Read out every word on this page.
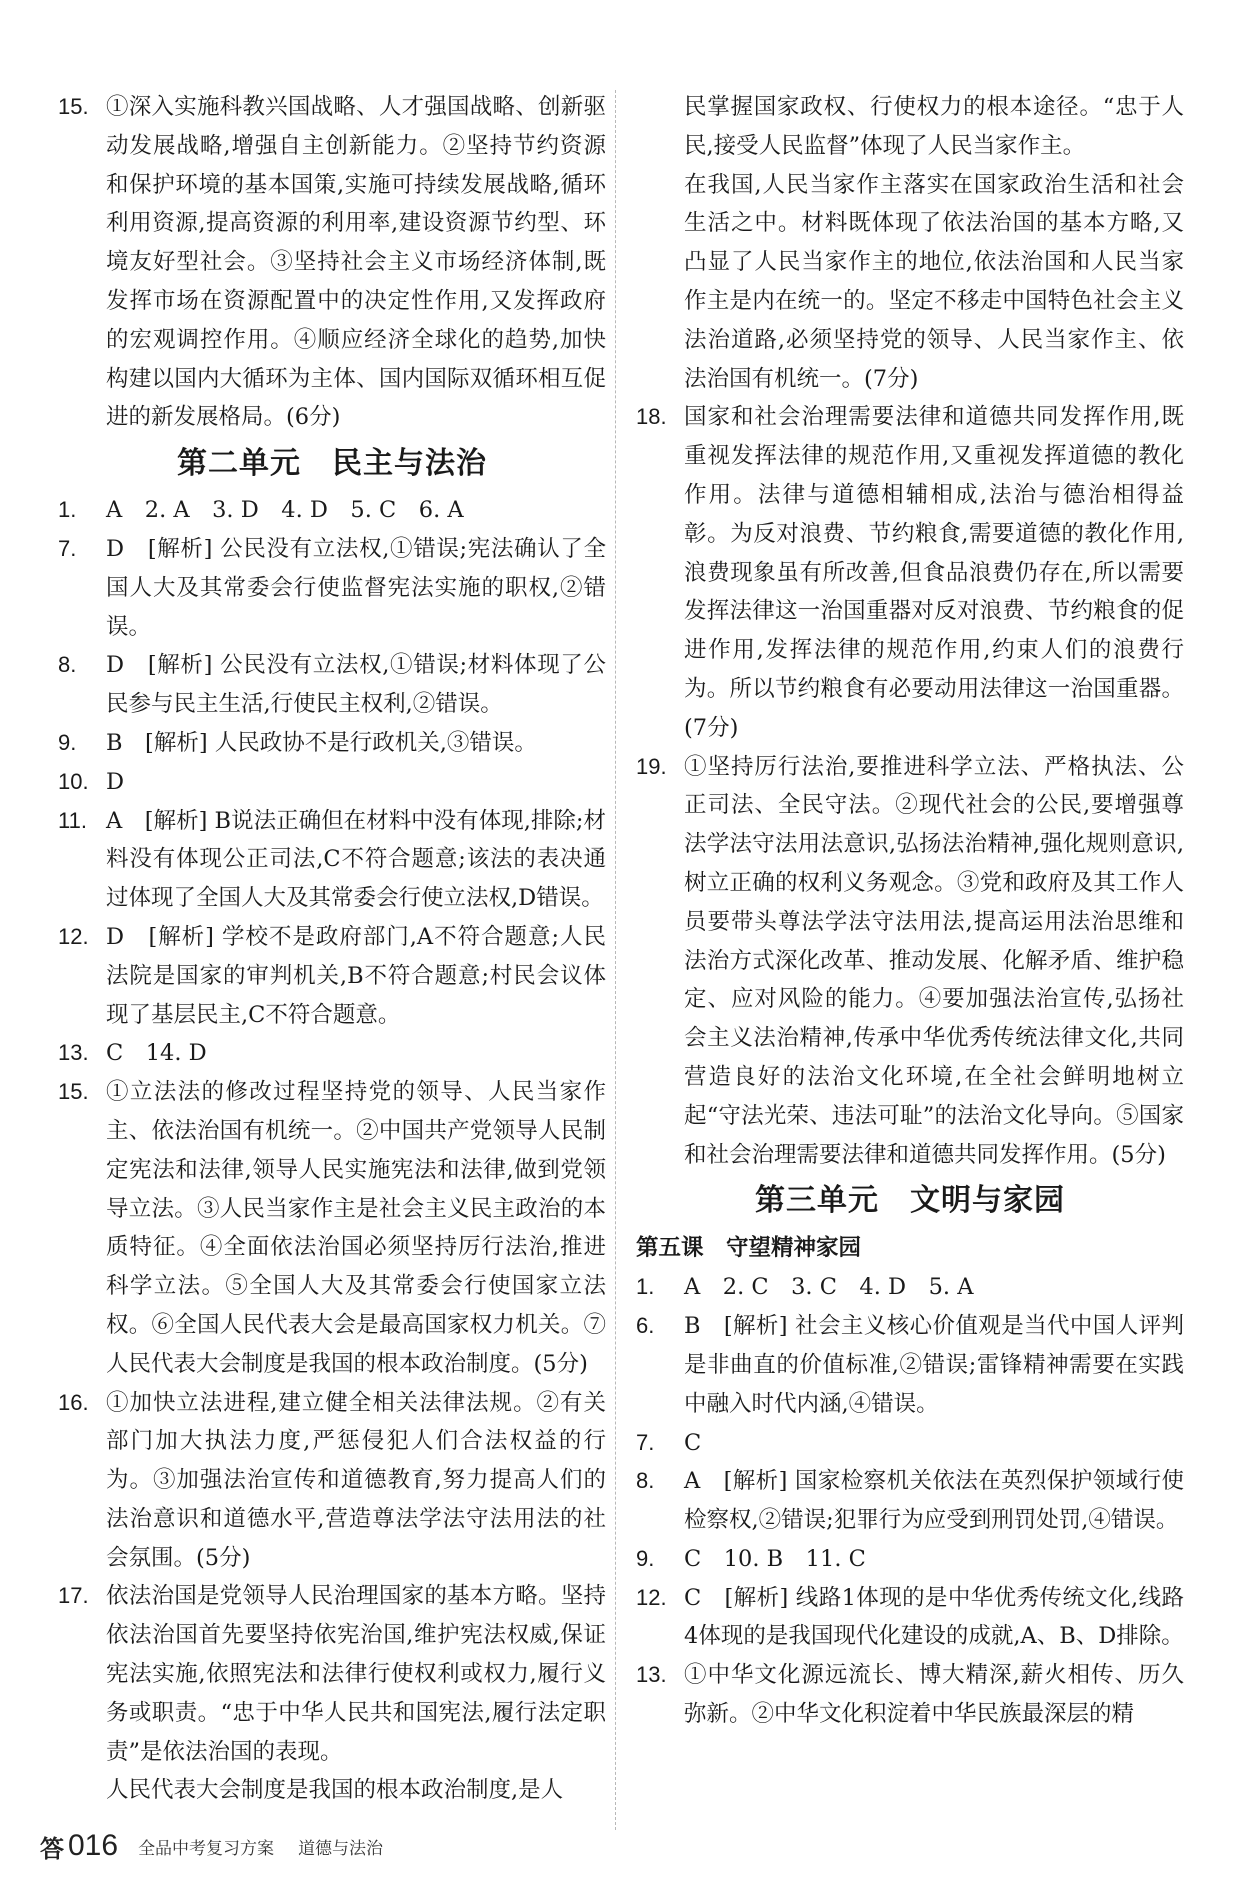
15. ①深入实施科教兴国战略、人才强国战略、创新驱动发展战略,增强自主创新能力。②坚持节约资源和保护环境的基本国策,实施可持续发展战略,循环利用资源,提高资源的利用率,建设资源节约型、环境友好型社会。③坚持社会主义市场经济体制,既发挥市场在资源配置中的决定性作用,又发挥政府的宏观调控作用。④顺应经济全球化的趋势,加快构建以国内大循环为主体、国内国际双循环相互促进的新发展格局。(6分)
第二单元　民主与法治
1. A　2. A　3. D　4. D　5. C　6. A
7. D　[解析] 公民没有立法权,①错误;宪法确认了全国人大及其常委会行使监督宪法实施的职权,②错误。
8. D　[解析] 公民没有立法权,①错误;材料体现了公民参与民主生活,行使民主权利,②错误。
9. B　[解析] 人民政协不是行政机关,③错误。
10. D
11. A　[解析] B说法正确但在材料中没有体现,排除;材料没有体现公正司法,C不符合题意;该法的表决通过体现了全国人大及其常委会行使立法权,D错误。
12. D　[解析] 学校不是政府部门,A不符合题意;人民法院是国家的审判机关,B不符合题意;村民会议体现了基层民主,C不符合题意。
13. C　14. D
15. ①立法法的修改过程坚持党的领导、人民当家作主、依法治国有机统一。②中国共产党领导人民制定宪法和法律,领导人民实施宪法和法律,做到党领导立法。③人民当家作主是社会主义民主政治的本质特征。④全面依法治国必须坚持厉行法治,推进科学立法。⑤全国人大及其常委会行使国家立法权。⑥全国人民代表大会是最高国家权力机关。⑦人民代表大会制度是我国的根本政治制度。(5分)
16. ①加快立法进程,建立健全相关法律法规。②有关部门加大执法力度,严惩侵犯人们合法权益的行为。③加强法治宣传和道德教育,努力提高人们的法治意识和道德水平,营造尊法学法守法用法的社会氛围。(5分)
17. 依法治国是党领导人民治理国家的基本方略。坚持依法治国首先要坚持依宪治国,维护宪法权威,保证宪法实施,依照宪法和法律行使权利或权力,履行义务或职责。“忠于中华人民共和国宪法,履行法定职责”是依法治国的表现。
人民代表大会制度是我国的根本政治制度,是人
民掌握国家政权、行使权力的根本途径。“忠于人民,接受人民监督”体现了人民当家作主。
在我国,人民当家作主落实在国家政治生活和社会生活之中。材料既体现了依法治国的基本方略,又凸显了人民当家作主的地位,依法治国和人民当家作主是内在统一的。坚定不移走中国特色社会主义法治道路,必须坚持党的领导、人民当家作主、依法治国有机统一。(7分)
18. 国家和社会治理需要法律和道德共同发挥作用,既重视发挥法律的规范作用,又重视发挥道德的教化作用。法律与道德相辅相成,法治与德治相得益彰。为反对浪费、节约粮食,需要道德的教化作用,浪费现象虽有所改善,但食品浪费仍存在,所以需要发挥法律这一治国重器对反对浪费、节约粮食的促进作用,发挥法律的规范作用,约束人们的浪费行为。所以节约粮食有必要动用法律这一治国重器。(7分)
19. ①坚持厉行法治,要推进科学立法、严格执法、公正司法、全民守法。②现代社会的公民,要增强尊法学法守法用法意识,弘扬法治精神,强化规则意识,树立正确的权利义务观念。③党和政府及其工作人员要带头尊法学法守法用法,提高运用法治思维和法治方式深化改革、推动发展、化解矛盾、维护稳定、应对风险的能力。④要加强法治宣传,弘扬社会主义法治精神,传承中华优秀传统法律文化,共同营造良好的法治文化环境,在全社会鲜明地树立起“守法光荣、违法可耻”的法治文化导向。⑤国家和社会治理需要法律和道德共同发挥作用。(5分)
第三单元　文明与家园
第五课　守望精神家园
1. A　2. C　3. C　4. D　5. A
6. B　[解析] 社会主义核心价值观是当代中国人评判是非曲直的价值标准,②错误;雷锋精神需要在实践中融入时代内涵,④错误。
7. C
8. A　[解析] 国家检察机关依法在英烈保护领域行使检察权,②错误;犯罪行为应受到刑罚处罚,④错误。
9. C　10. B　11. C
12. C　[解析] 线路1体现的是中华优秀传统文化,线路4体现的是我国现代化建设的成就,A、B、D排除。
13. ①中华文化源远流长、博大精深,薪火相传、历久弥新。②中华文化积淀着中华民族最深层的精
答 016 全品中考复习方案 道德与法治
